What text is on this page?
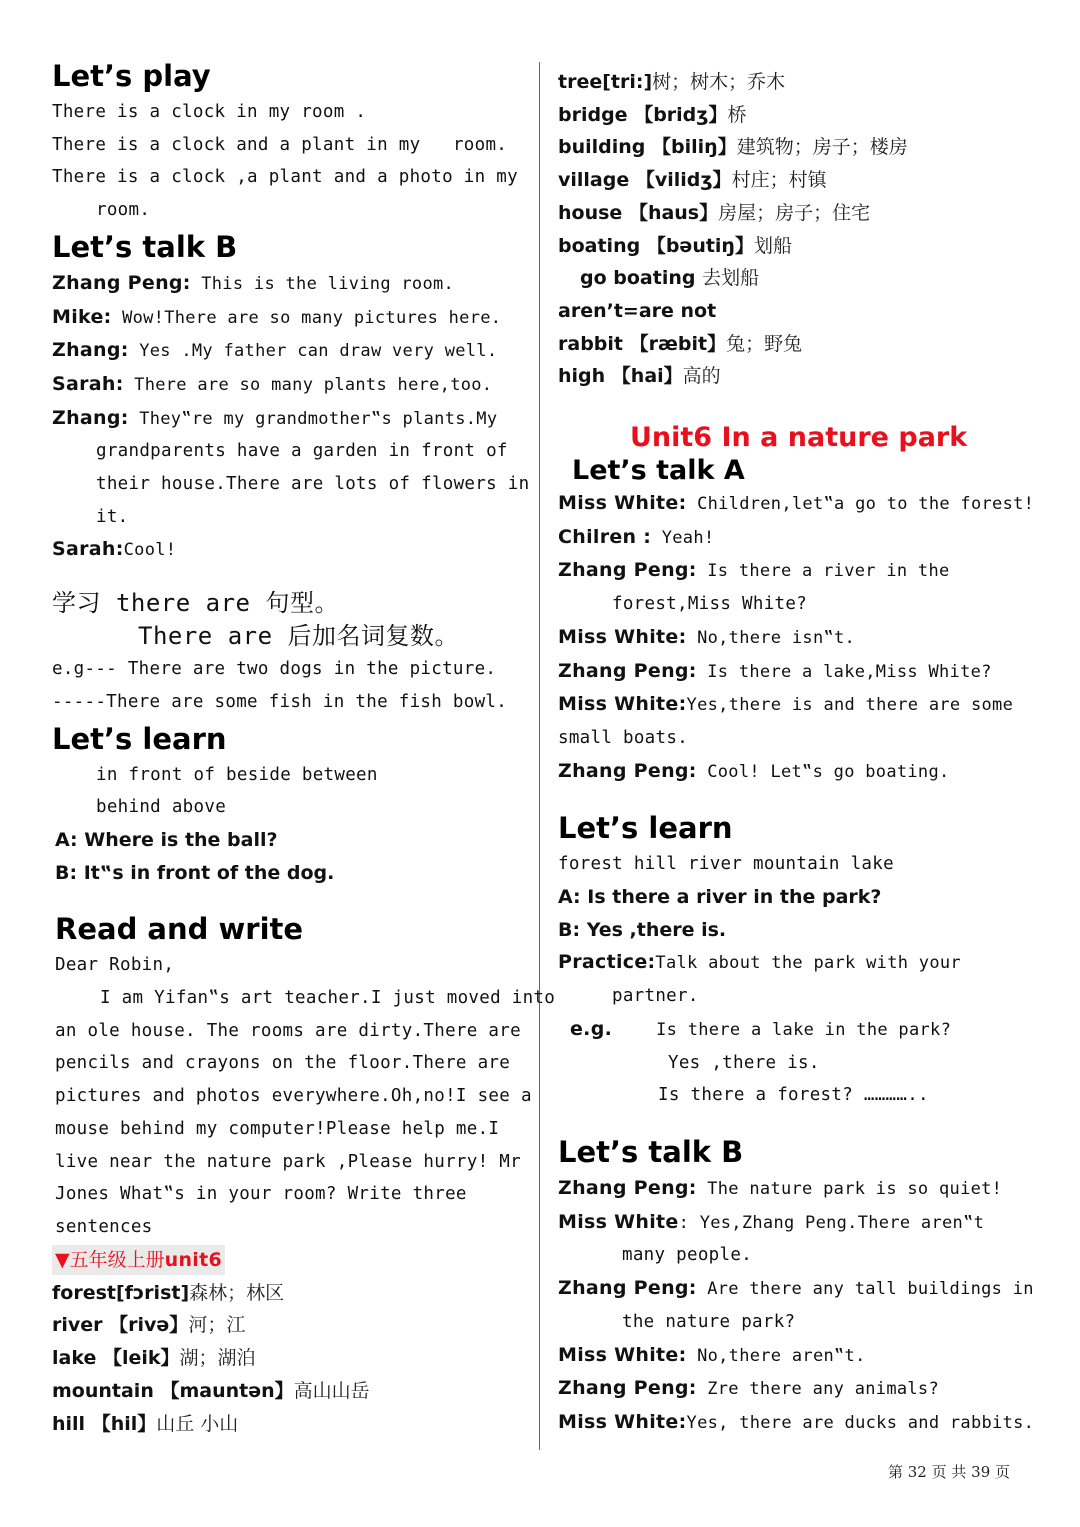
Let’s play
There is a clock in my room .
There is a clock and a plant in my room.
There is a clock ,a plant and a photo in my
room.
Let’s talk B
Zhang Peng: This is the living room.
Mike: Wow!There are so many pictures here.
Zhang: Yes .My father can draw very well.
Sarah: There are so many plants here,too.
Zhang: They‟re my grandmother‟s plants.My
grandparents have a garden in front of
their house.There are lots of flowers in
it.
Sarah:Cool!
学习 there are 句型。
There are 后加名词复数。
e.g--- There are two dogs in the picture.
-----There are some fish in the fish bowl.
Let’s learn
in front of beside between
behind above
A: Where is the ball?
B: It‟s in front of the dog.
Read and write
Dear Robin,
I am Yifan‟s art teacher.I just moved into
an ole house. The rooms are dirty.There are
pencils and crayons on the floor.There are
pictures and photos everywhere.Oh,no!I see a
mouse behind my computer!Please help me.I
live near the nature park ,Please hurry! Mr
Jones What‟s in your room? Write three
sentences
▼五年级上册unit6
forest[fɔrist]森林；林区
river 【rivə】河；江
lake 【leik】湖；湖泊
mountain 【mauntən】高山山岳
hill 【hil】山丘 小山
tree[tri:]树；树木；乔木
bridge 【bridʒ】桥
building 【biliŋ】建筑物；房子；楼房
village 【vilidʒ】村庄；村镇
house 【haus】房屋；房子；住宅
boating 【bəutiŋ】划船
go boating 去划船
aren’t=are not
rabbit 【ræbit】兔；野兔
high 【hai】高的
Unit6 In a nature park
Let’s talk A
Miss White: Children,let‟a go to the forest!
Chilren : Yeah!
Zhang Peng: Is there a river in the
forest,Miss White?
Miss White: No,there isn‟t.
Zhang Peng: Is there a lake,Miss White?
Miss White:Yes,there is and there are some
small boats.
Zhang Peng: Cool! Let‟s go boating.
Let’s learn
forest hill river mountain lake
A: Is there a river in the park?
B: Yes ,there is.
Practice:Talk about the park with your
partner.
e.g.	Is there a lake in the park?
Yes ,there is.
Is there a forest? …………..
Let’s talk B
Zhang Peng: The nature park is so quiet!
Miss White: Yes,Zhang Peng.There aren‟t
many people.
Zhang Peng: Are there any tall buildings in
the nature park?
Miss White: No,there aren‟t.
Zhang Peng: Zre there any animals?
Miss White:Yes, there are ducks and rabbits.
第 32 页 共 39 页
